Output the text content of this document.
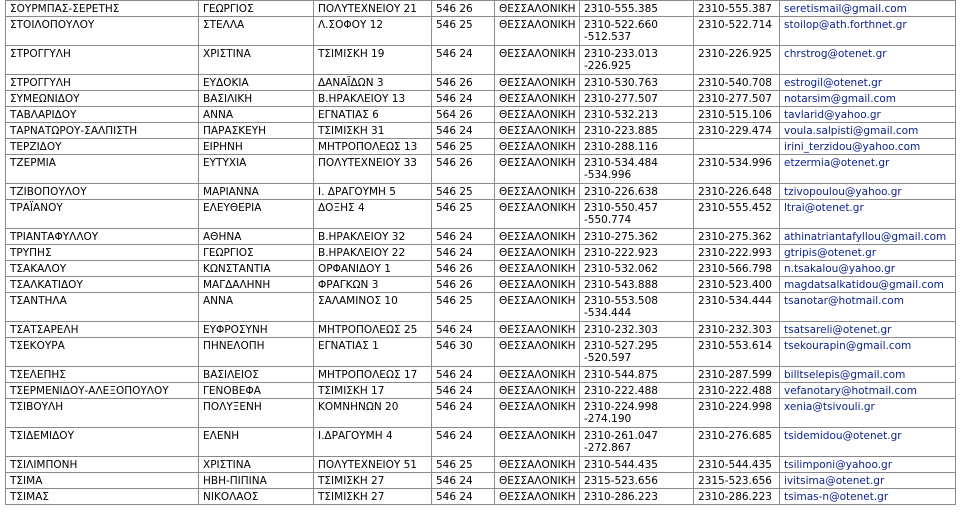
ΣΟΥΡΜΠΑΣ-ΣΕΡΕΤΗΣ	ΓΕΩΡΓΙΟΣ	ΠΟΛΥΤΕΧΝΕΙΟΥ 21	546 26	ΘΕΣΣΑΛΟΝΙΚΗ	2310-555.385	2310-555.387	seretismail@gmail.com
ΣΤΟΙΛΟΠΟΥΛΟΥ	ΣΤΕΛΛΑ	Λ.ΣΟΦΟΥ 12	546 25	ΘΕΣΣΑΛΟΝΙΚΗ	2310-522.660
-512.537	2310-522.714	stoilop@ath.forthnet.gr
ΣΤΡΟΓΓΥΛΗ	ΧΡΙΣΤΙΝΑ	ΤΣΙΜΙΣΚΗ 19	546 24	ΘΕΣΣΑΛΟΝΙΚΗ	2310-233.013
-226.925	2310-226.925	chrstrog@otenet.gr
ΣΤΡΟΓΓΥΛΗ	ΕΥΔΟΚΙΑ	ΔΑΝΑΪΔΩΝ 3	546 26	ΘΕΣΣΑΛΟΝΙΚΗ	2310-530.763	2310-540.708	estrogil@otenet.gr
ΣΥΜΕΩΝΙΔΟΥ	ΒΑΣΙΛΙΚΗ	Β.ΗΡΑΚΛΕΙΟΥ 13	546 24	ΘΕΣΣΑΛΟΝΙΚΗ	2310-277.507	2310-277.507	notarsim@gmail.com
ΤΑΒΛΑΡΙΔΟΥ	ΑΝΝΑ	ΕΓΝΑΤΙΑΣ 6	564 26	ΘΕΣΣΑΛΟΝΙΚΗ	2310-532.213	2310-515.106	tavlarid@yahoo.gr
ΤΑΡΝΑΤΩΡΟΥ-ΣΑΛΠΙΣΤΗ	ΠΑΡΑΣΚΕΥΗ	ΤΣΙΜΙΣΚΗ 31	546 24	ΘΕΣΣΑΛΟΝΙΚΗ	2310-223.885	2310-229.474	voula.salpisti@gmail.com
ΤΕΡΖΙΔΟΥ	ΕΙΡΗΝΗ	ΜΗΤΡΟΠΟΛΕΩΣ 13	546 25	ΘΕΣΣΑΛΟΝΙΚΗ	2310-288.116		irini_terzidou@yahoo.com
ΤΖΕΡΜΙΑ	ΕΥΤΥΧΙΑ	ΠΟΛΥΤΕΧΝΕΙΟΥ 33	546 26	ΘΕΣΣΑΛΟΝΙΚΗ	2310-534.484
-534.996	2310-534.996	etzermia@otenet.gr
ΤΖΙΒΟΠΟΥΛΟΥ	ΜΑΡΙΑΝΝΑ	Ι. ΔΡΑΓΟΥΜΗ 5	546 25	ΘΕΣΣΑΛΟΝΙΚΗ	2310-226.638	2310-226.648	tzivopoulou@yahoo.gr
ΤΡΑΪΑΝΟΥ	ΕΛΕΥΘΕΡΙΑ	ΔΟΞΗΣ 4	546 25	ΘΕΣΣΑΛΟΝΙΚΗ	2310-550.457
-550.774	2310-555.452	ltrai@otenet.gr
ΤΡΙΑΝΤΑΦΥΛΛΟΥ	ΑΘΗΝΑ	Β.ΗΡΑΚΛΕΙΟΥ 32	546 24	ΘΕΣΣΑΛΟΝΙΚΗ	2310-275.362	2310-275.362	athinatriantafyllou@gmail.com
ΤΡΥΠΗΣ	ΓΕΩΡΓΙΟΣ	Β.ΗΡΑΚΛΕΙΟΥ 22	546 24	ΘΕΣΣΑΛΟΝΙΚΗ	2310-222.923	2310-222.993	gtripis@otenet.gr
ΤΣΑΚΑΛΟΥ	ΚΩΝΣΤΑΝΤΙΑ	ΟΡΦΑΝΙΔΟΥ 1	546 26	ΘΕΣΣΑΛΟΝΙΚΗ	2310-532.062	2310-566.798	n.tsakalou@yahoo.gr
ΤΣΑΛΚΑΤΙΔΟΥ	ΜΑΓΔΑΛΗΝΗ	ΦΡΑΓΚΩΝ 3	546 26	ΘΕΣΣΑΛΟΝΙΚΗ	2310-543.888	2310-523.400	magdatsalkatidou@gmail.com
ΤΣΑΝΤΗΛΑ	ΑΝΝΑ	ΣΑΛΑΜΙΝΟΣ 10	546 25	ΘΕΣΣΑΛΟΝΙΚΗ	2310-553.508
-534.444	2310-534.444	tsanotar@hotmail.com
ΤΣΑΤΣΑΡΕΛΗ	ΕΥΦΡΟΣΥΝΗ	ΜΗΤΡΟΠΟΛΕΩΣ 25	546 24	ΘΕΣΣΑΛΟΝΙΚΗ	2310-232.303	2310-232.303	tsatsareli@otenet.gr
ΤΣΕΚΟΥΡΑ	ΠΗΝΕΛΟΠΗ	ΕΓΝΑΤΙΑΣ 1	546 30	ΘΕΣΣΑΛΟΝΙΚΗ	2310-527.295
-520.597	2310-553.614	tsekourapin@gmail.com
ΤΣΕΛΕΠΗΣ	ΒΑΣΙΛΕΙΟΣ	ΜΗΤΡΟΠΟΛΕΩΣ 17	546 24	ΘΕΣΣΑΛΟΝΙΚΗ	2310-544.875	2310-287.599	billtselepis@gmail.com
ΤΣΕΡΜΕΝΙΔΟΥ-ΑΛΕΞΟΠΟΥΛΟΥ	ΓΕΝΟΒΕΦΑ	ΤΣΙΜΙΣΚΗ 17	546 24	ΘΕΣΣΑΛΟΝΙΚΗ	2310-222.488	2310-222.488	vefanotary@hotmail.com
ΤΣΙΒΟΥΛΗ	ΠΟΛΥΞΕΝΗ	ΚΟΜΝΗΝΩΝ 20	546 24	ΘΕΣΣΑΛΟΝΙΚΗ	2310-224.998
-274.190	2310-224.998	xenia@tsivouli.gr
ΤΣΙΔΕΜΙΔΟΥ	ΕΛΕΝΗ	Ι.ΔΡΑΓΟΥΜΗ 4	546 24	ΘΕΣΣΑΛΟΝΙΚΗ	2310-261.047
-272.867	2310-276.685	tsidemidou@otenet.gr
ΤΣΙΛΙΜΠΟΝΗ	ΧΡΙΣΤΙΝΑ	ΠΟΛΥΤΕΧΝΕΙΟΥ 51	546 25	ΘΕΣΣΑΛΟΝΙΚΗ	2310-544.435	2310-544.435	tsilimponi@yahoo.gr
ΤΣΙΜΑ	ΗΒΗ-ΠΙΠΙΝΑ	ΤΣΙΜΙΣΚΗ 27	546 24	ΘΕΣΣΑΛΟΝΙΚΗ	2315-523.656	2315-523.656	ivitsima@otenet.gr
ΤΣΙΜΑΣ	ΝΙΚΟΛΑΟΣ	ΤΣΙΜΙΣΚΗ 27	546 24	ΘΕΣΣΑΛΟΝΙΚΗ	2310-286.223	2310-286.223	tsimas-n@otenet.gr
